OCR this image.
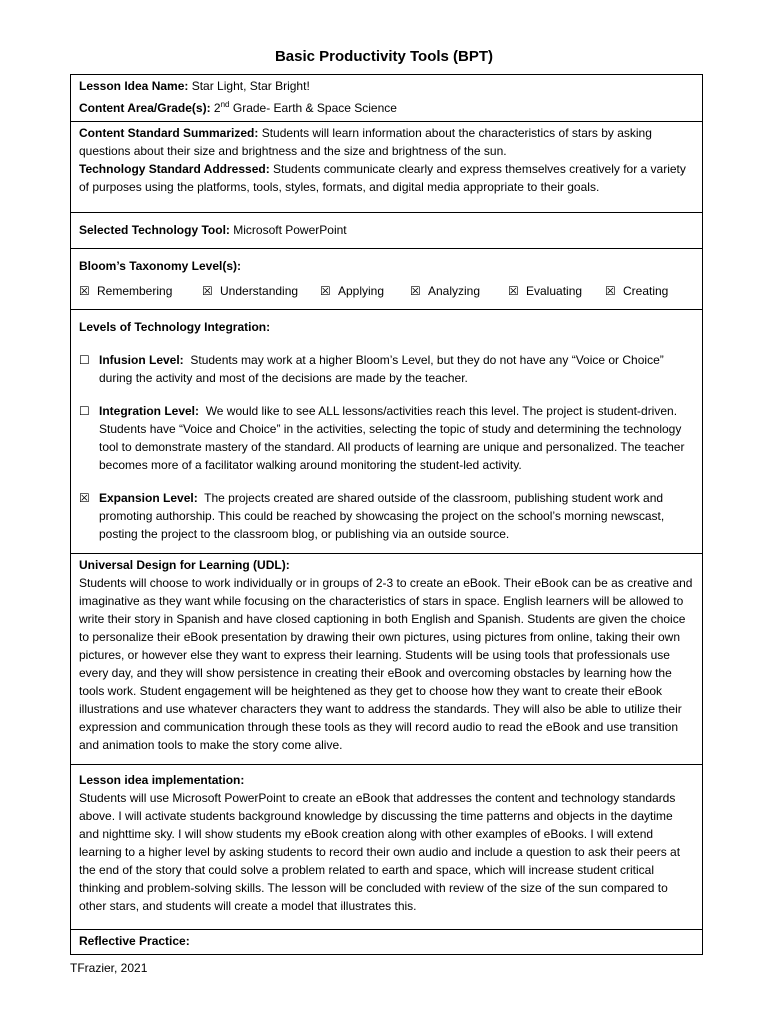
Basic Productivity Tools (BPT)
Lesson Idea Name: Star Light, Star Bright!
Content Area/Grade(s): 2nd Grade- Earth & Space Science
Content Standard Summarized: Students will learn information about the characteristics of stars by asking questions about their size and brightness and the size and brightness of the sun.
Technology Standard Addressed: Students communicate clearly and express themselves creatively for a variety of purposes using the platforms, tools, styles, formats, and digital media appropriate to their goals.
Selected Technology Tool: Microsoft PowerPoint
Bloom’s Taxonomy Level(s):
☒ Remembering	☒ Understanding	☒ Applying	☒ Analyzing	☒ Evaluating	☒ Creating

Levels of Technology Integration:
☐ Infusion Level: Students may work at a higher Bloom’s Level, but they do not have any “Voice or Choice” during the activity and most of the decisions are made by the teacher.
☐ Integration Level: We would like to see ALL lessons/activities reach this level. The project is student-driven. Students have “Voice and Choice” in the activities, selecting the topic of study and determining the technology tool to demonstrate mastery of the standard. All products of learning are unique and personalized. The teacher becomes more of a facilitator walking around monitoring the student-led activity.
☒ Expansion Level: The projects created are shared outside of the classroom, publishing student work and promoting authorship. This could be reached by showcasing the project on the school’s morning newscast, posting the project to the classroom blog, or publishing via an outside source.

Universal Design for Learning (UDL):
Students will choose to work individually or in groups of 2-3 to create an eBook. Their eBook can be as creative and imaginative as they want while focusing on the characteristics of stars in space. English learners will be allowed to write their story in Spanish and have closed captioning in both English and Spanish. Students are given the choice to personalize their eBook presentation by drawing their own pictures, using pictures from online, taking their own pictures, or however else they want to express their learning. Students will be using tools that professionals use every day, and they will show persistence in creating their eBook and overcoming obstacles by learning how the tools work. Student engagement will be heightened as they get to choose how they want to create their eBook illustrations and use whatever characters they want to address the standards. They will also be able to utilize their expression and communication through these tools as they will record audio to read the eBook and use transition and animation tools to make the story come alive.
Lesson idea implementation:
Students will use Microsoft PowerPoint to create an eBook that addresses the content and technology standards above. I will activate students background knowledge by discussing the time patterns and objects in the daytime and nighttime sky. I will show students my eBook creation along with other examples of eBooks. I will extend learning to a higher level by asking students to record their own audio and include a question to ask their peers at the end of the story that could solve a problem related to earth and space, which will increase student critical thinking and problem-solving skills. The lesson will be concluded with review of the size of the sun compared to other stars, and students will create a model that illustrates this.
Reflective Practice:
TFrazier, 2021
